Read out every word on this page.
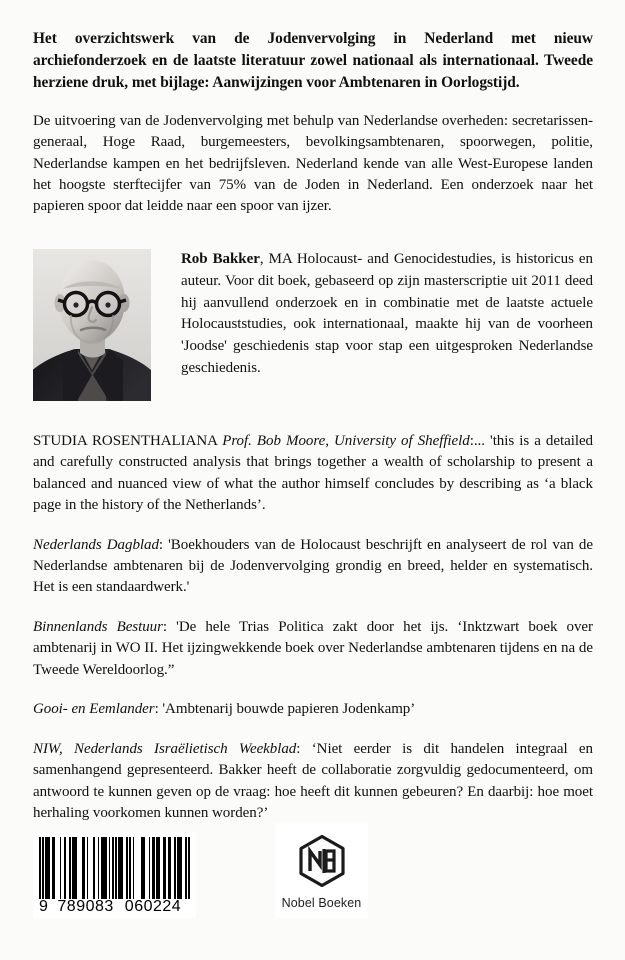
Het overzichtswerk van de Jodenvervolging in Nederland met nieuw archiefonderzoek en de laatste literatuur zowel nationaal als internationaal. Tweede herziene druk, met bijlage: Aanwijzingen voor Ambtenaren in Oorlogstijd.

De uitvoering van de Jodenvervolging met behulp van Nederlandse overheden: secretarissen-generaal, Hoge Raad, burgemeesters, bevolkingsambtenaren, spoorwegen, politie, Nederlandse kampen en het bedrijfsleven. Nederland kende van alle West-Europese landen het hoogste sterftecijfer van 75% van de Joden in Nederland. Een onderzoek naar het papieren spoor dat leidde naar een spoor van ijzer.

Rob Bakker, MA Holocaust- and Genocidestudies, is historicus en auteur. Voor dit boek, gebaseerd op zijn masterscriptie uit 2011 deed hij aanvullend onderzoek en in combinatie met de laatste actuele Holocauststudies, ook internationaal, maakte hij van de voorheen 'Joodse' geschiedenis stap voor stap een uitgesproken Nederlandse geschiedenis.

STUDIA ROSENTHALIANA Prof. Bob Moore, University of Sheffield:... 'this is a detailed and carefully constructed analysis that brings together a wealth of scholarship to present a balanced and nuanced view of what the author himself concludes by describing as ‘a black page in the history of the Netherlands’.

Nederlands Dagblad: 'Boekhouders van de Holocaust beschrijft en analyseert de rol van de Nederlandse ambtenaren bij de Jodenvervolging grondig en breed, helder en systematisch. Het is een standaardwerk.'

Binnenlands Bestuur: 'De hele Trias Politica zakt door het ijs. ‘Inktzwart boek over ambtenarij in WO II. Het ijzingwekkende boek over Nederlandse ambtenaren tijdens en na de Tweede Wereldoorlog.”

Gooi- en Eemlander: 'Ambtenarij bouwde papieren Jodenkamp’

NIW, Nederlands Israëlietisch Weekblad: ‘Niet eerder is dit handelen integraal en samenhangend gepresenteerd. Bakker heeft de collaboratie zorgvuldig gedocumenteerd, om antwoord te kunnen geven op de vraag: hoe heeft dit kunnen gebeuren? En daarbij: hoe moet herhaling voorkomen kunnen worden?’

9 789083 060224	Nobel Boeken
